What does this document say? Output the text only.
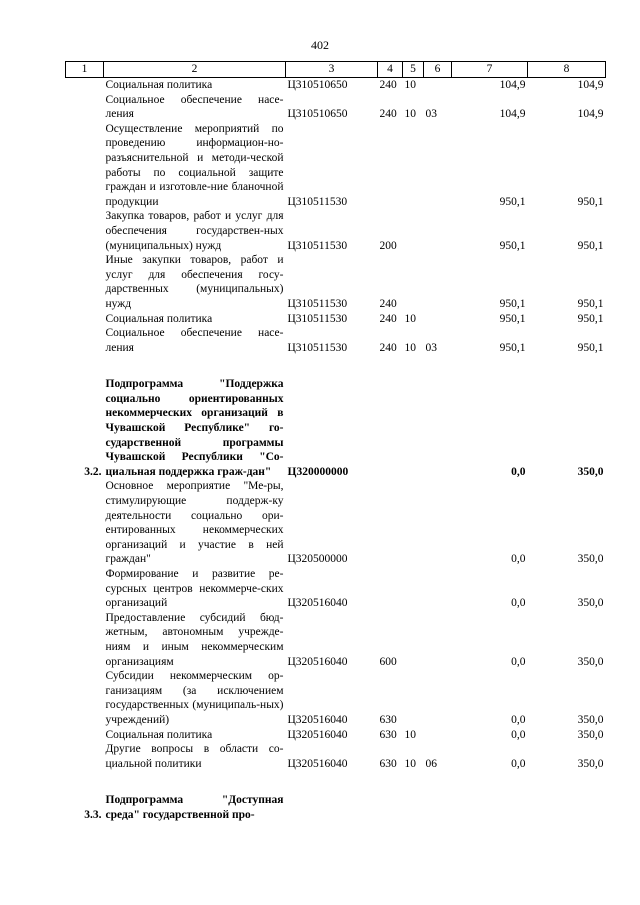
402
1	2	3	4	5	6	7	8
	Социальная политика	Ц310510650	240	10		104,9	104,9
	Социальное обеспечение насе-ления	Ц310510650	240	10	03	104,9	104,9
	Осуществление мероприятий по проведению информацион-но-разъяснительной и методи-ческой работы по социальной защите граждан и изготовле-ние бланочной продукции	Ц310511530				950,1	950,1
	Закупка товаров, работ и услуг для обеспечения государствен-ных (муниципальных) нужд	Ц310511530	200			950,1	950,1
	Иные закупки товаров, работ и услуг для обеспечения госу-дарственных (муниципальных) нужд	Ц310511530	240			950,1	950,1
	Социальная политика	Ц310511530	240	10		950,1	950,1
	Социальное обеспечение насе-ления	Ц310511530	240	10	03	950,1	950,1

3.2.	Подпрограмма "Поддержка социально ориентированных некоммерческих организаций в Чувашской Республике" го-сударственной программы Чувашской Республики "Со-циальная поддержка граж-дан"	Ц320000000				0,0	350,0
	Основное мероприятие "Ме-ры, стимулирующие поддерж-ку деятельности социально ори-ентированных некоммерческих организаций и участие в ней граждан"	Ц320500000				0,0	350,0
	Формирование и развитие ре-сурсных центров некоммерче-ских организаций	Ц320516040				0,0	350,0
	Предоставление субсидий бюд-жетным, автономным учрежде-ниям и иным некоммерческим организациям	Ц320516040	600			0,0	350,0
	Субсидии некоммерческим ор-ганизациям (за исключением государственных (муниципаль-ных) учреждений)	Ц320516040	630			0,0	350,0
	Социальная политика	Ц320516040	630	10		0,0	350,0
	Другие вопросы в области со-циальной политики	Ц320516040	630	10	06	0,0	350,0

3.3.	Подпрограмма "Доступная среда" государственной про-						
